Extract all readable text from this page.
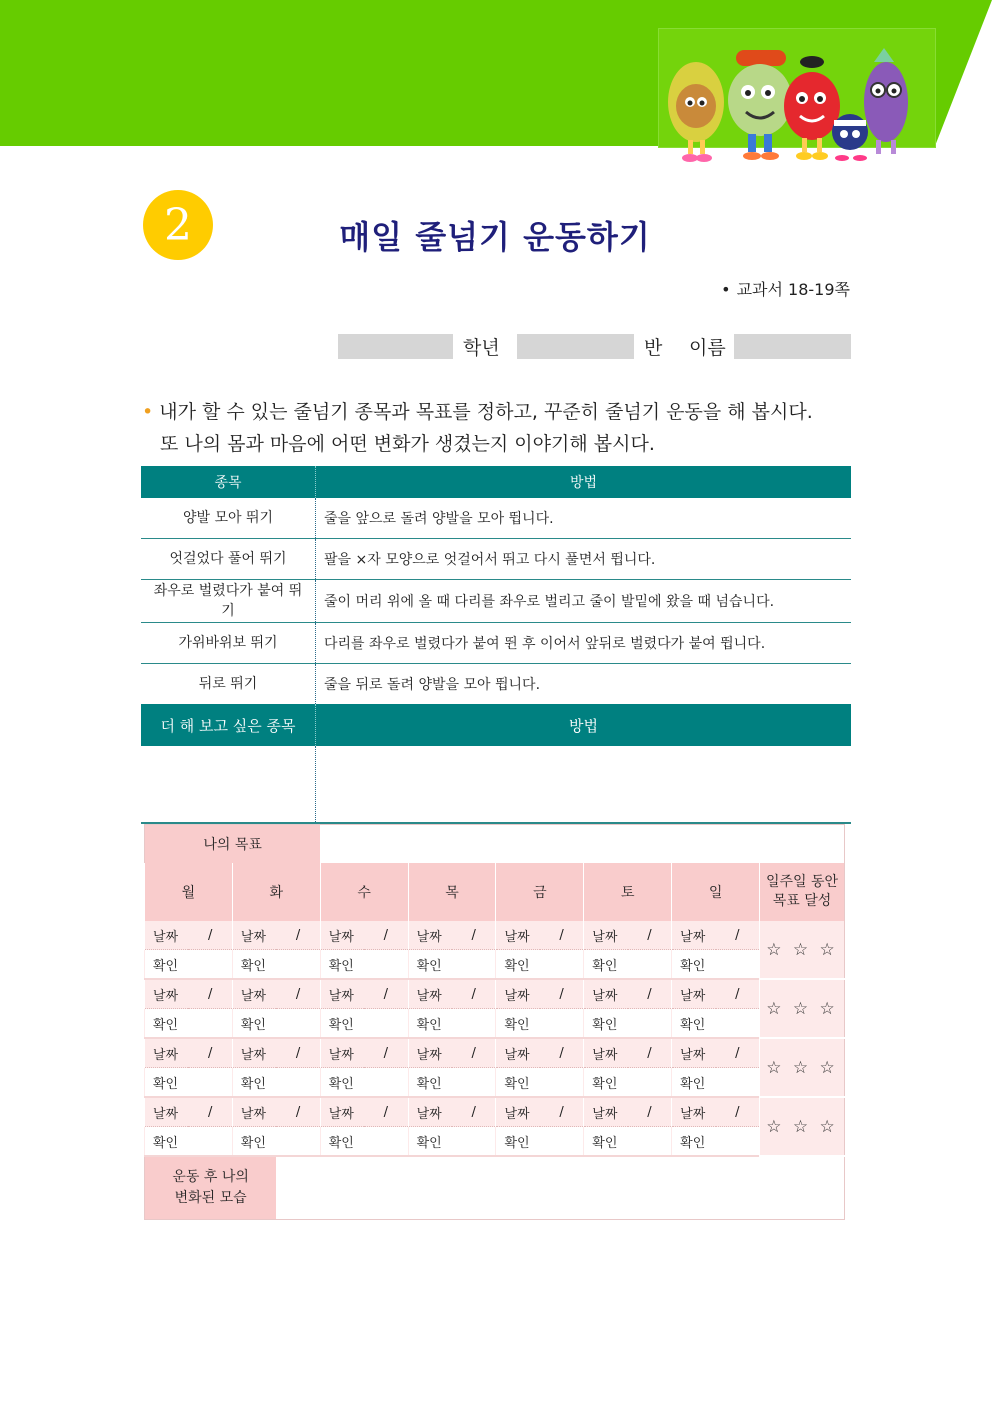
2	매일 줄넘기 운동하기
• 교과서 18-19쪽
학년	반 이름
• 내가 할 수 있는 줄넘기 종목과 목표를 정하고, 꾸준히 줄넘기 운동을 해 봅시다.
또 나의 몸과 마음에 어떤 변화가 생겼는지 이야기해 봅시다.
종목	방법
양발 모아 뛰기	줄을 앞으로 돌려 양발을 모아 뜁니다.
엇걸었다 풀어 뛰기	팔을 ×자 모양으로 엇걸어서 뛰고 다시 풀면서 뜁니다.
좌우로 벌렸다가 붙여 뛰기	줄이 머리 위에 올 때 다리를 좌우로 벌리고 줄이 발밑에 왔을 때 넘습니다.
가위바위보 뛰기	다리를 좌우로 벌렸다가 붙여 뛴 후 이어서 앞뒤로 벌렸다가 붙여 뜁니다.
뒤로 뛰기	줄을 뒤로 돌려 양발을 모아 뜁니다.
더 해 보고 싶은 종목	방법

나의 목표														
월		화		수		목		금		토		일		일주일 동안 목표 달성
날짜	/	날짜	/	날짜	/	날짜	/	날짜	/	날짜	/	날짜	/	☆ ☆ ☆
확인		확인		확인		확인		확인		확인		확인		
날짜	/	날짜	/	날짜	/	날짜	/	날짜	/	날짜	/	날짜	/	☆ ☆ ☆
확인		확인		확인		확인		확인		확인		확인		
날짜	/	날짜	/	날짜	/	날짜	/	날짜	/	날짜	/	날짜	/	☆ ☆ ☆
확인		확인		확인		확인		확인		확인		확인		
날짜	/	날짜	/	날짜	/	날짜	/	날짜	/	날짜	/	날짜	/	☆ ☆ ☆
확인		확인		확인		확인		확인		확인		확인		

운동 후 나의
변화된 모습														
